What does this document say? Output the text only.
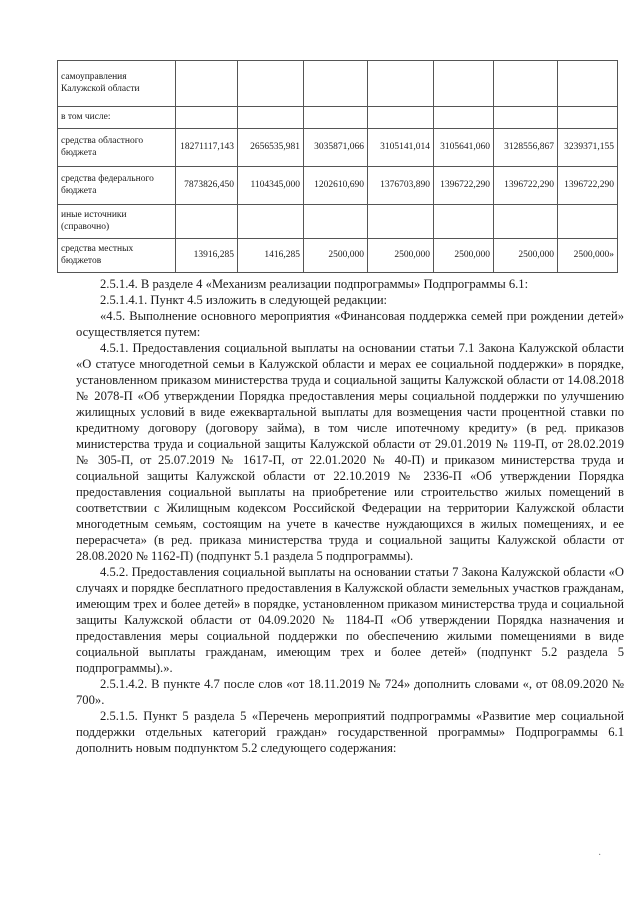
самоуправления Калужской области							
в том числе:							
средства областного бюджета	18271117,143	2656535,981	3035871,066	3105141,014	3105641,060	3128556,867	3239371,155
средства федерального бюджета	7873826,450	1104345,000	1202610,690	1376703,890	1396722,290	1396722,290	1396722,290
иные источники (справочно)							
средства местных бюджетов	13916,285	1416,285	2500,000	2500,000	2500,000	2500,000	2500,000»

2.5.1.4. В разделе 4 «Механизм реализации подпрограммы» Подпрограммы 6.1:

2.5.1.4.1. Пункт 4.5 изложить в следующей редакции:

«4.5. Выполнение основного мероприятия «Финансовая поддержка семей при рождении детей» осуществляется путем:

4.5.1. Предоставления социальной выплаты на основании статьи 7.1 Закона Калужской области «О статусе многодетной семьи в Калужской области и мерах ее социальной поддержки» в порядке, установленном приказом министерства труда и социальной защиты Калужской области от 14.08.2018 № 2078-П «Об утверждении Порядка предоставления меры социальной поддержки по улучшению жилищных условий в виде ежеквартальной выплаты для возмещения части процентной ставки по кредитному договору (договору займа), в том числе ипотечному кредиту» (в ред. приказов министерства труда и социальной защиты Калужской области от 29.01.2019 № 119-П, от 28.02.2019 № 305-П, от 25.07.2019 № 1617-П, от 22.01.2020 № 40-П) и приказом министерства труда и социальной защиты Калужской области от 22.10.2019 № 2336-П «Об утверждении Порядка предоставления социальной выплаты на приобретение или строительство жилых помещений в соответствии с Жилищным кодексом Российской Федерации на территории Калужской области многодетным семьям, состоящим на учете в качестве нуждающихся в жилых помещениях, и ее перерасчета» (в ред. приказа министерства труда и социальной защиты Калужской области от 28.08.2020 № 1162-П) (подпункт 5.1 раздела 5 подпрограммы).

4.5.2. Предоставления социальной выплаты на основании статьи 7 Закона Калужской области «О случаях и порядке бесплатного предоставления в Калужской области земельных участков гражданам, имеющим трех и более детей» в порядке, установленном приказом министерства труда и социальной защиты Калужской области от 04.09.2020 № 1184-П «Об утверждении Порядка назначения и предоставления меры социальной поддержки по обеспечению жилыми помещениями в виде социальной выплаты гражданам, имеющим трех и более детей» (подпункт 5.2 раздела 5 подпрограммы).».

2.5.1.4.2. В пункте 4.7 после слов «от 18.11.2019 № 724» дополнить словами «, от 08.09.2020 № 700».

2.5.1.5. Пункт 5 раздела 5 «Перечень мероприятий подпрограммы «Развитие мер социальной поддержки отдельных категорий граждан» государственной программы» Подпрограммы 6.1 дополнить новым подпунктом 5.2 следующего содержания:

·
